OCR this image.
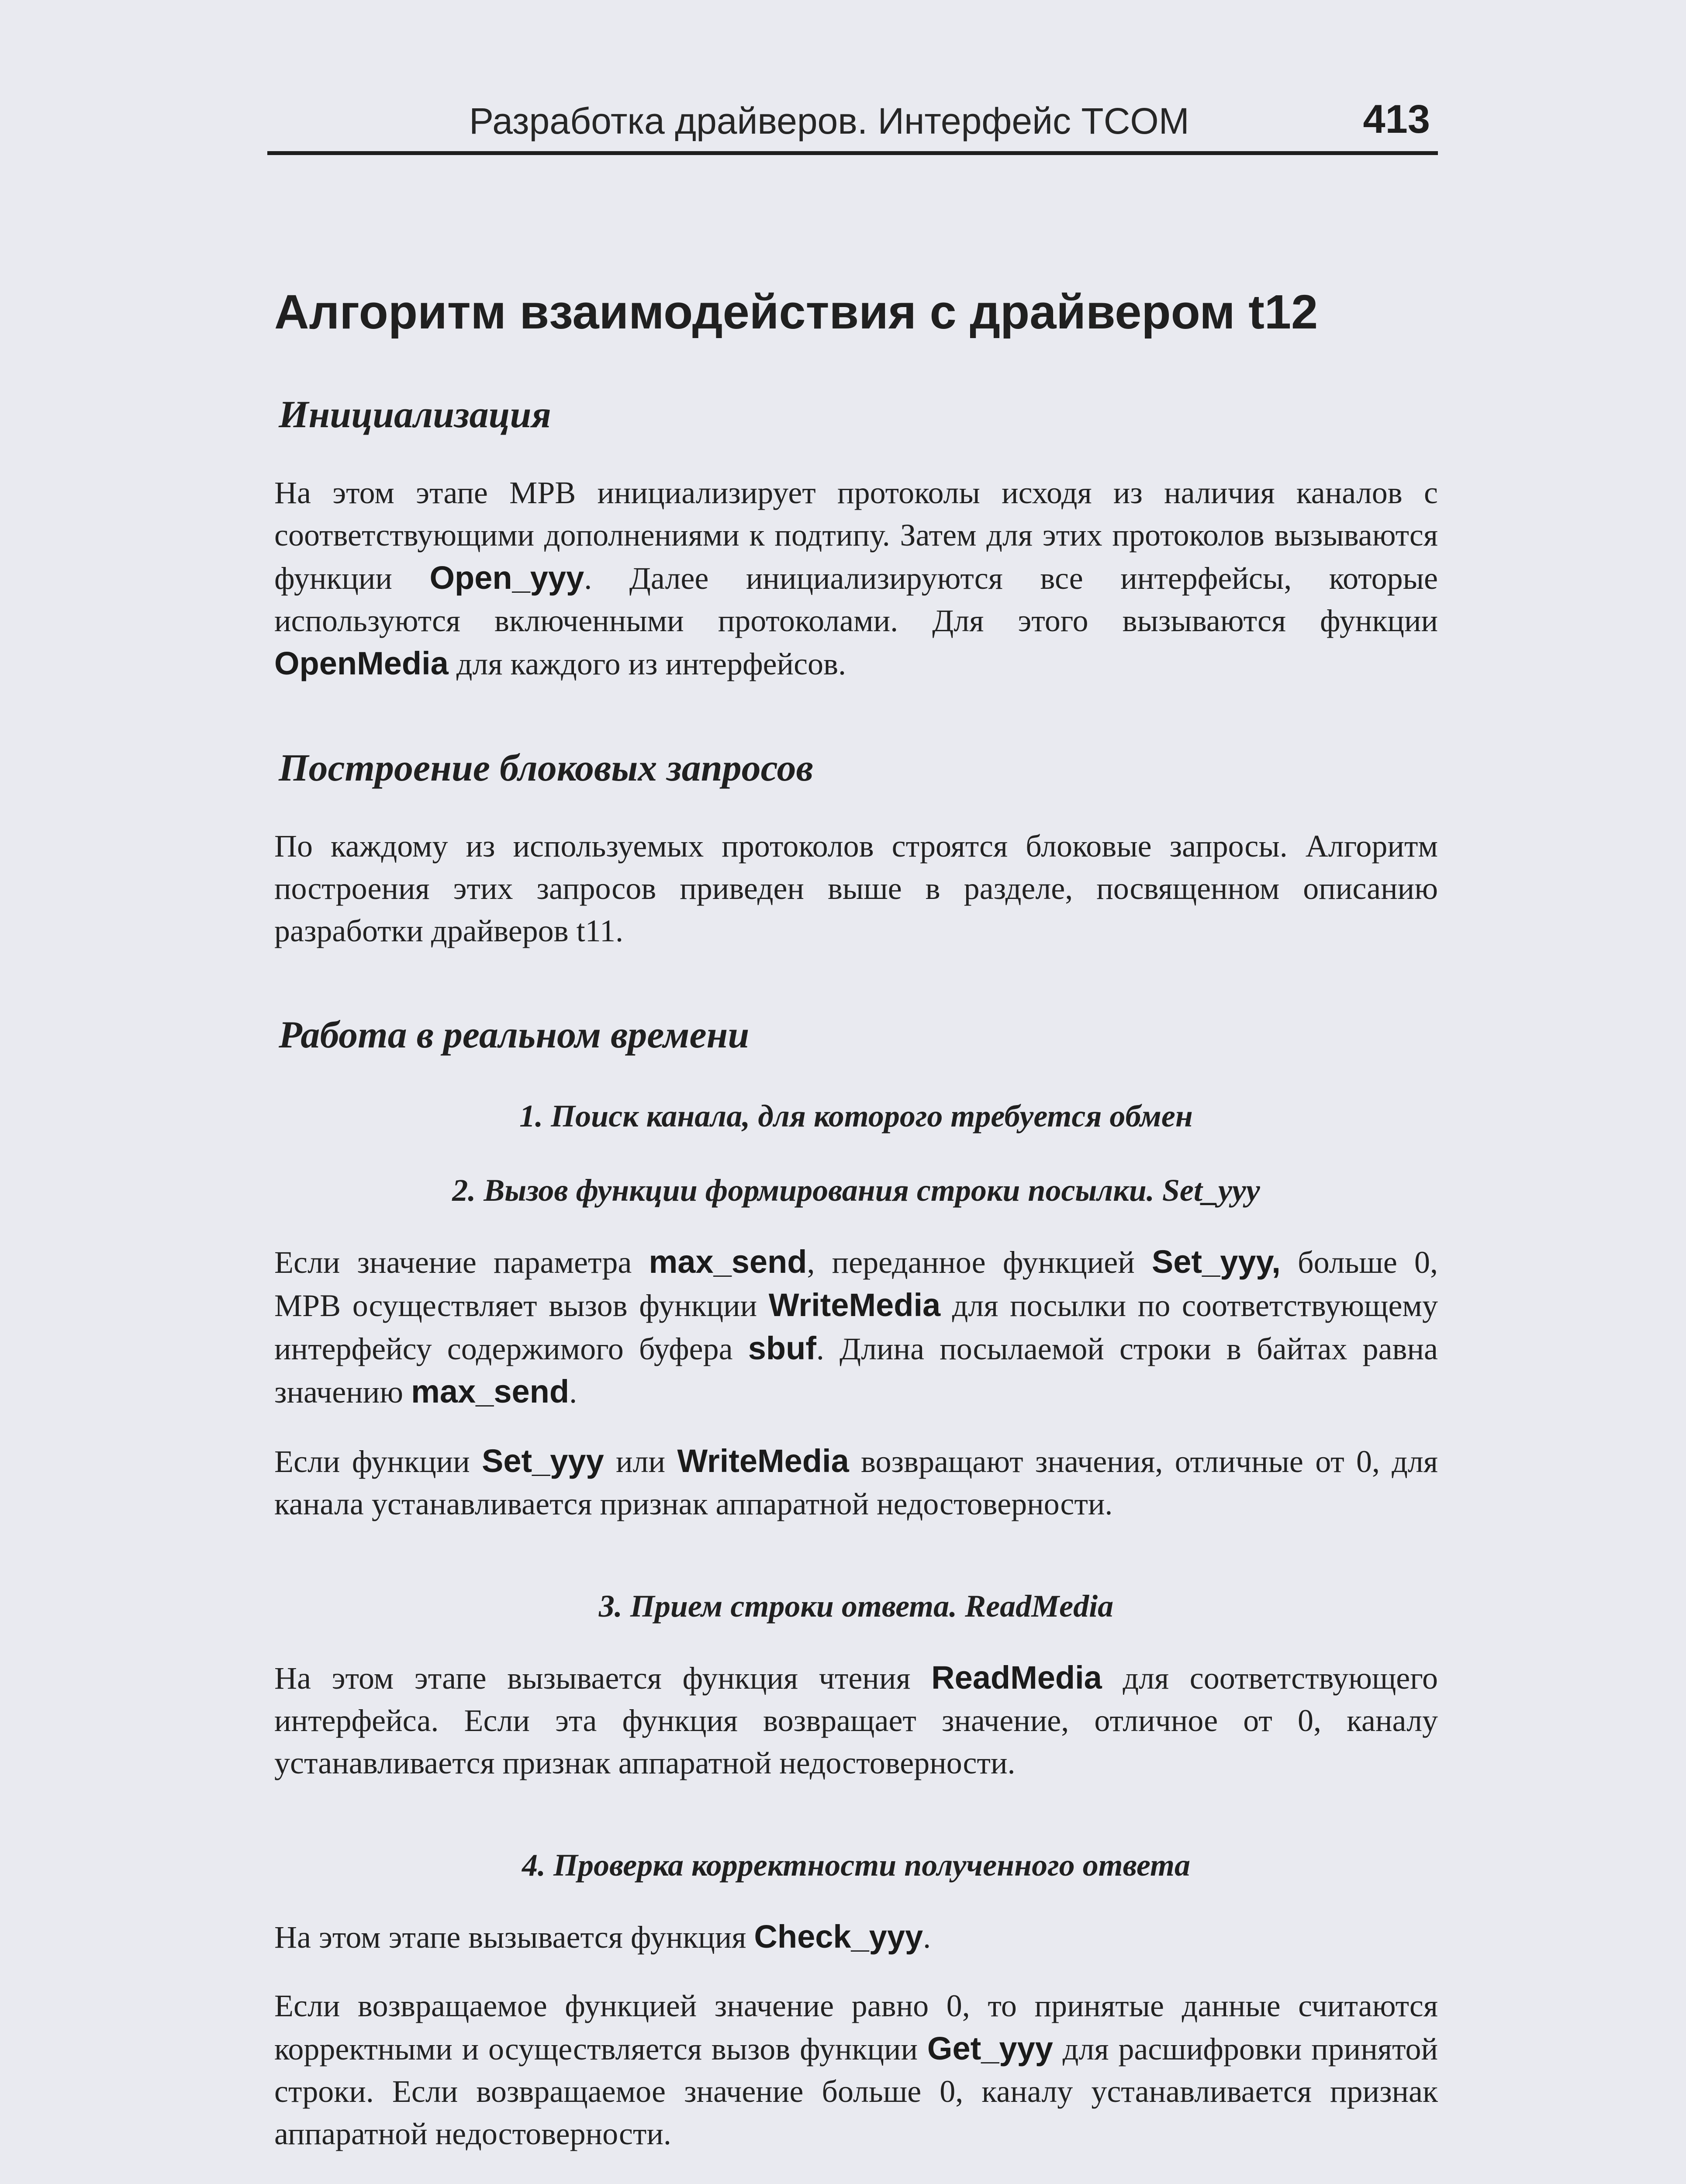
Разработка драйверов. Интерфейс TCOM	413
Алгоритм взаимодействия с драйвером t12
Инициализация

На этом этапе МРВ инициализирует протоколы исходя из наличия каналов с соответствующими дополнениями к подтипу. Затем для этих протоколов вызываются функции Open_yyy. Далее инициализируются все интерфейсы, которые используются включенными протоколами. Для этого вызываются функции OpenMedia для каждого из интерфейсов.

Построение блоковых запросов

По каждому из используемых протоколов строятся блоковые запросы. Алгоритм построения этих запросов приведен выше в разделе, посвященном описанию разработки драйверов t11.

Работа в реальном времени
1. Поиск канала, для которого требуется обмен
2. Вызов функции формирования строки посылки. Set_yyy

Если значение параметра max_send, переданное функцией Set_yyy, больше 0, МРВ осуществляет вызов функции WriteMedia для посылки по соответствующему интерфейсу содержимого буфера sbuf. Длина посылаемой строки в байтах равна значению max_send.

Если функции Set_yyy или WriteMedia возвращают значения, отличные от 0, для канала устанавливается признак аппаратной недостоверности.

3. Прием строки ответа. ReadMedia

На этом этапе вызывается функция чтения ReadMedia для соответствующего интерфейса. Если эта функция возвращает значение, отличное от 0, каналу устанавливается признак аппаратной недостоверности.

4. Проверка корректности полученного ответа

На этом этапе вызывается функция Check_yyy.

Если возвращаемое функцией значение равно 0, то принятые данные считаются корректными и осуществляется вызов функции Get_yyy для расшифровки принятой строки. Если возвращаемое значение больше 0, каналу устанавливается признак аппаратной недостоверности.
